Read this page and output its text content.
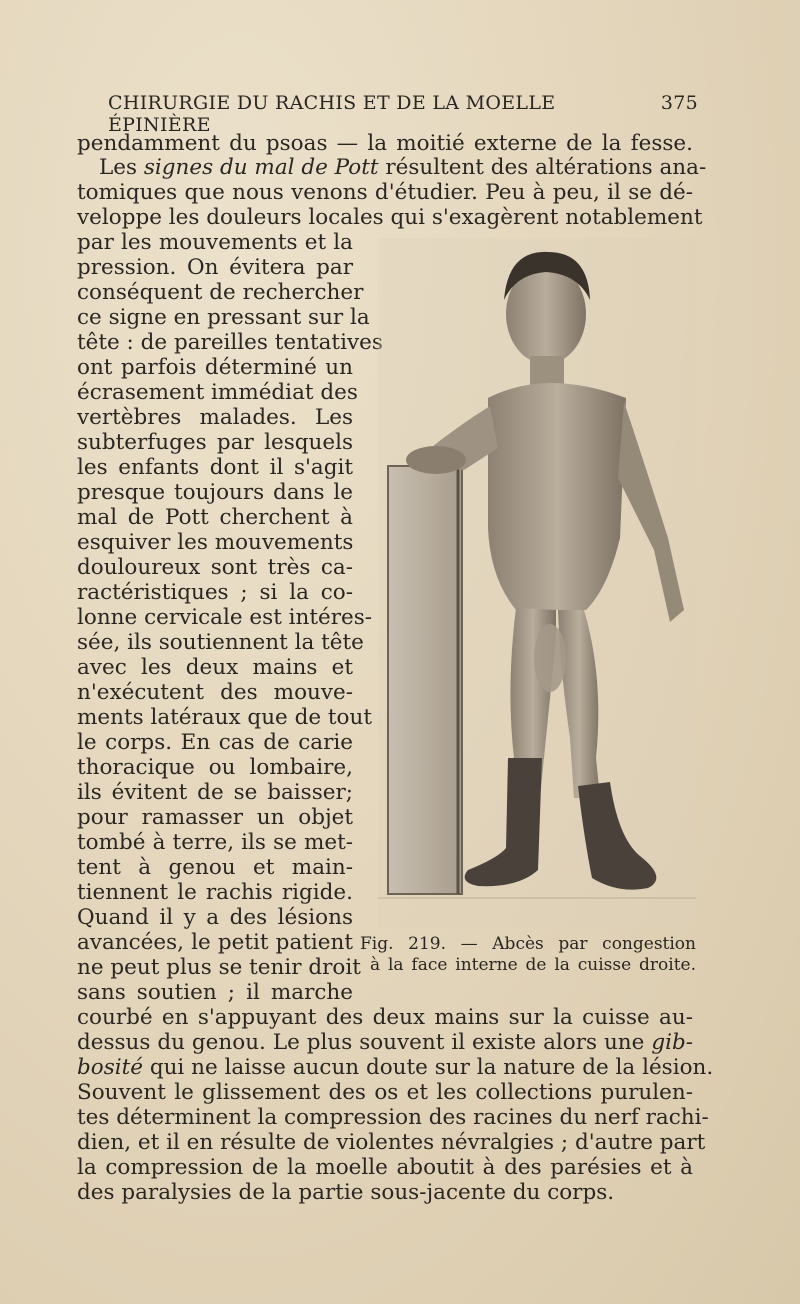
CHIRURGIE DU RACHIS ET DE LA MOELLE ÉPINIÈRE
375
pendamment du psoas — la moitié externe de la fesse.
Les signes du mal de Pott résultent des altérations ana-
tomiques que nous venons d'étudier. Peu à peu, il se dé-
veloppe les douleurs locales qui s'exagèrent notablement
par les mouvements et la
pression. On évitera par
conséquent de rechercher
ce signe en pressant sur la
tête : de pareilles tentatives
ont parfois déterminé un
écrasement immédiat des
vertèbres malades. Les
subterfuges par lesquels
les enfants dont il s'agit
presque toujours dans le
mal de Pott cherchent à
esquiver les mouvements
douloureux sont très ca-
ractéristiques ; si la co-
lonne cervicale est intéres-
sée, ils soutiennent la tête
avec les deux mains et
n'exécutent des mouve-
ments latéraux que de tout
le corps. En cas de carie
thoracique ou lombaire,
ils évitent de se baisser;
pour ramasser un objet
tombé à terre, ils se met-
tent à genou et main-
tiennent le rachis rigide.
Quand il y a des lésions
avancées, le petit patient
ne peut plus se tenir droit
sans soutien ; il marche
courbé en s'appuyant des deux mains sur la cuisse au-
dessus du genou. Le plus souvent il existe alors une gib-
bosité qui ne laisse aucun doute sur la nature de la lésion.
Souvent le glissement des os et les collections purulen-
tes déterminent la compression des racines du nerf rachi-
dien, et il en résulte de violentes névralgies ; d'autre part
la compression de la moelle aboutit à des parésies et à
des paralysies de la partie sous-jacente du corps.
Fig. 219. — Abcès par congestion
à la face interne de la cuisse droite.
